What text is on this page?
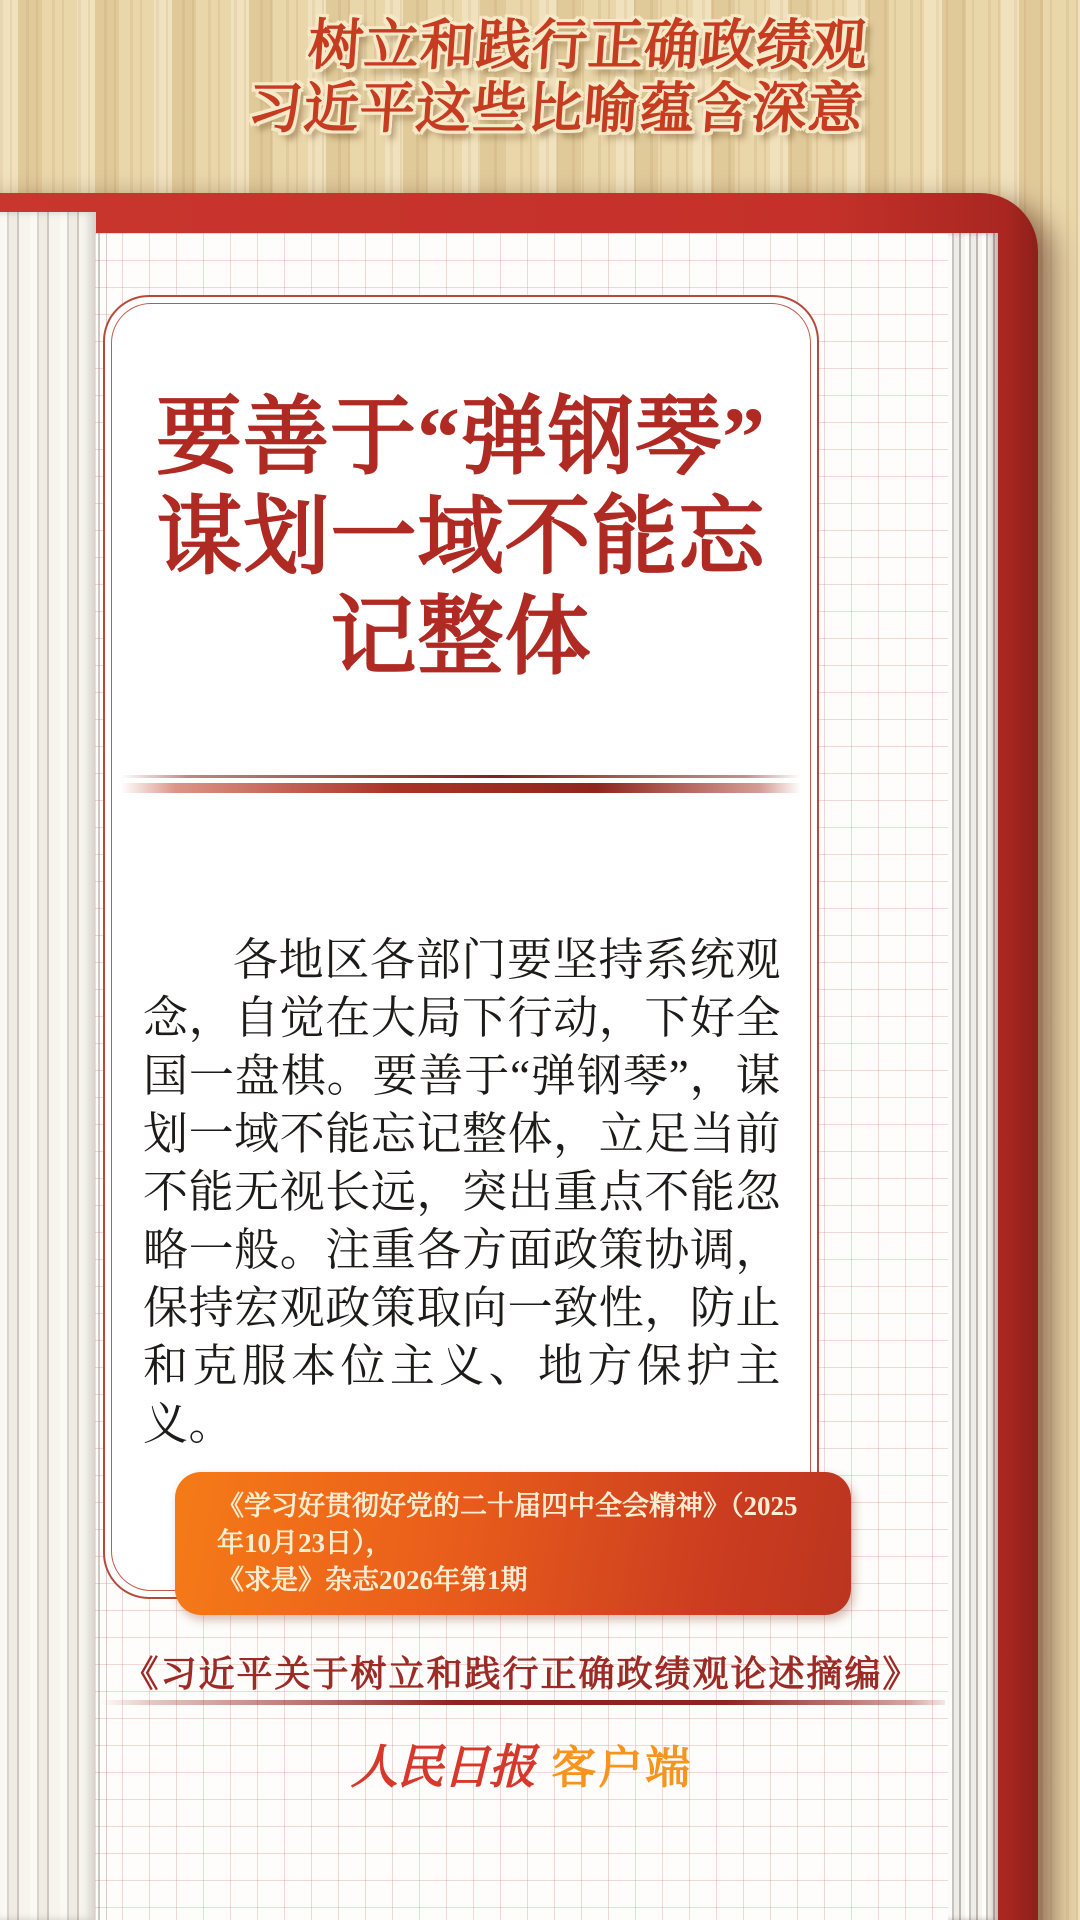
树立和践行正确政绩观
习近平这些比喻蕴含深意
要善于“弹钢琴”
谋划一域不能忘记整体

各地区各部门要坚持系统观念，自觉在大局下行动，下好全国一盘棋。要善于“弹钢琴”，谋划一域不能忘记整体，立足当前不能无视长远，突出重点不能忽略一般。注重各方面政策协调，保持宏观政策取向一致性，防止和克服本位主义、地方保护主义。

《学习好贯彻好党的二十届四中全会精神》（2025年10月23日），
《求是》杂志2026年第1期
《习近平关于树立和践行正确政绩观论述摘编》
人民日报 客户端
